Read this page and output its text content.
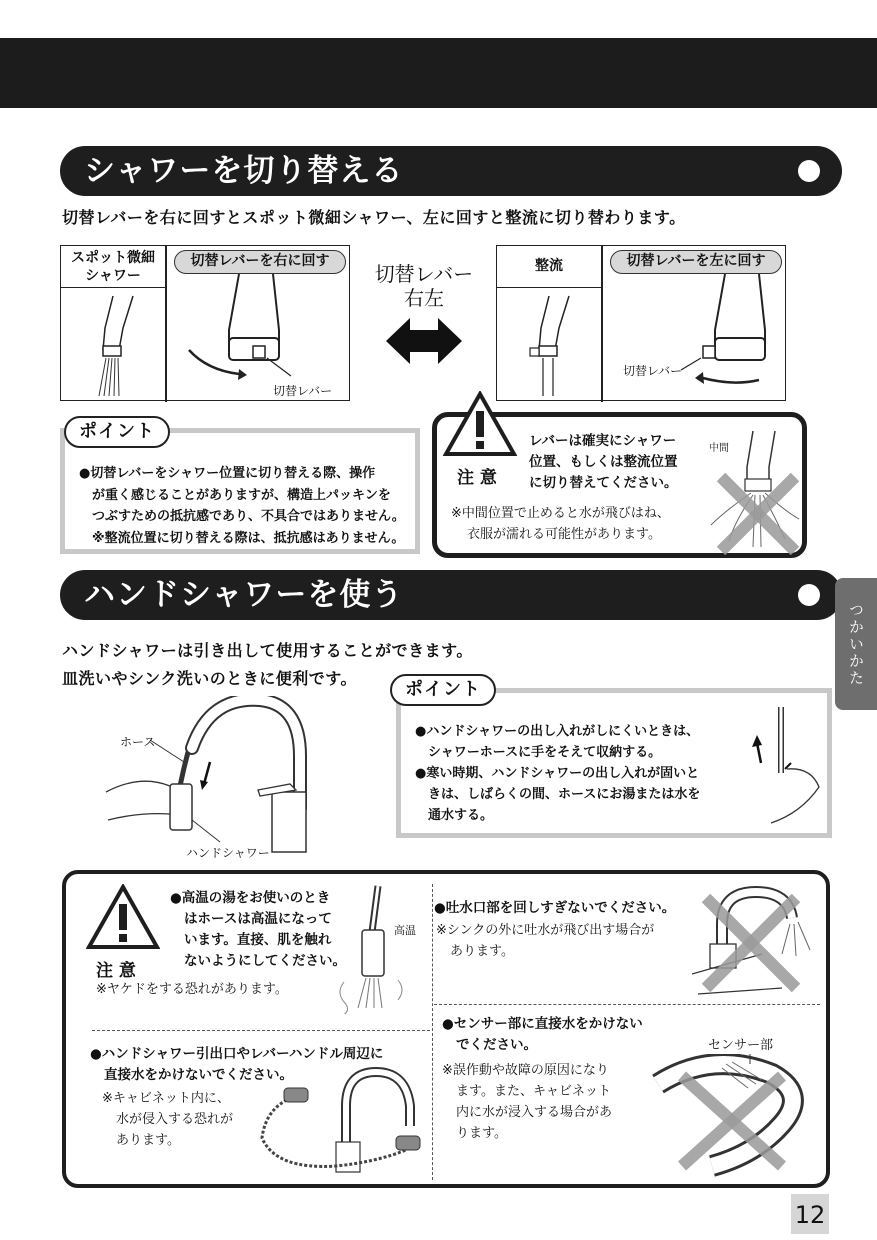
シャワーを切り替える
切替レバーを右に回すとスポット微細シャワー、左に回すと整流に切り替わります。
スポット微細
シャワー
切替レバーを右に回す
切替レバー
切替レバー
右左
整流	切替レバーを左に回す
切替レバー
●切替レバーをシャワー位置に切り替える際、操作
が重く感じることがありますが、構造上パッキンを
つぶすための抵抗感であり、不具合ではありません。
※整流位置に切り替える際は、抵抗感はありません。
ポイント
注 意
レバーは確実にシャワー
位置、もしくは整流位置
に切り替えてください。
※中間位置で止めると水が飛びはね、
衣服が濡れる可能性があります。
中間
ハンドシャワーを使う
ハンドシャワーは引き出して使用することができます。
皿洗いやシンク洗いのときに便利です。
ホース
ハンドシャワー
●ハンドシャワーの出し入れがしにくいときは、
シャワーホースに手をそえて収納する。
●寒い時期、ハンドシャワーの出し入れが固いと
きは、しばらくの間、ホースにお湯または水を
通水する。
ポイント
注 意
●高温の湯をお使いのとき
はホースは高温になって
います。直接、肌を触れ
ないようにしてください。
※ヤケドをする恐れがあります。
高温
●吐水口部を回しすぎないでください。
※シンクの外に吐水が飛び出す場合が
あります。
●ハンドシャワー引出口やレバーハンドル周辺に
直接水をかけないでください。
※キャビネット内に、
水が侵入する恐れが
あります。
●センサー部に直接水をかけない
でください。
※誤作動や故障の原因になり
ます。また、キャビネット
内に水が浸入する場合があ
ります。
センサー部
つかいかた
12
